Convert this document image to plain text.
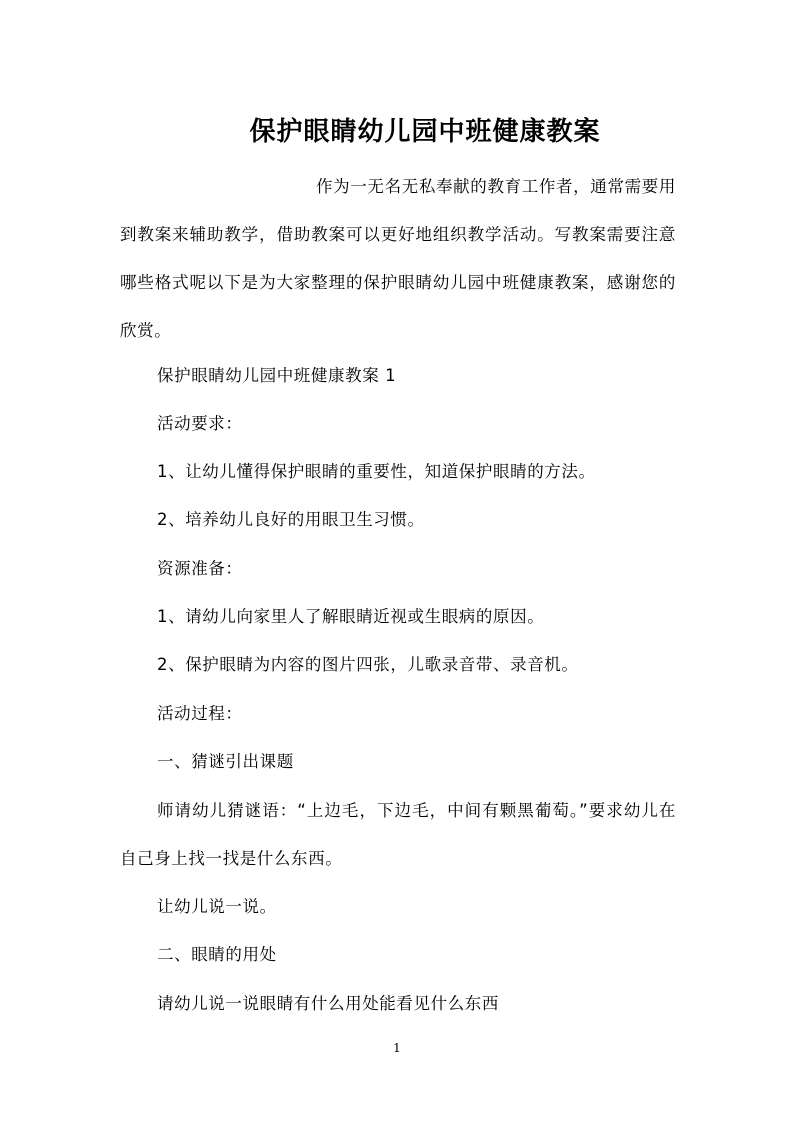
保护眼睛幼儿园中班健康教案

作为一无名无私奉献的教育工作者，通常需要用到教案来辅助教学，借助教案可以更好地组织教学活动。写教案需要注意哪些格式呢以下是为大家整理的保护眼睛幼儿园中班健康教案，感谢您的欣赏。

保护眼睛幼儿园中班健康教案 1

活动要求：

1、让幼儿懂得保护眼睛的重要性，知道保护眼睛的方法。

2、培养幼儿良好的用眼卫生习惯。

资源准备：

1、请幼儿向家里人了解眼睛近视或生眼病的原因。

2、保护眼睛为内容的图片四张，儿歌录音带、录音机。

活动过程：

一、猜谜引出课题

师请幼儿猜谜语：“上边毛，下边毛，中间有颗黑葡萄。”要求幼儿在自己身上找一找是什么东西。

让幼儿说一说。

二、眼睛的用处

请幼儿说一说眼睛有什么用处能看见什么东西

1
